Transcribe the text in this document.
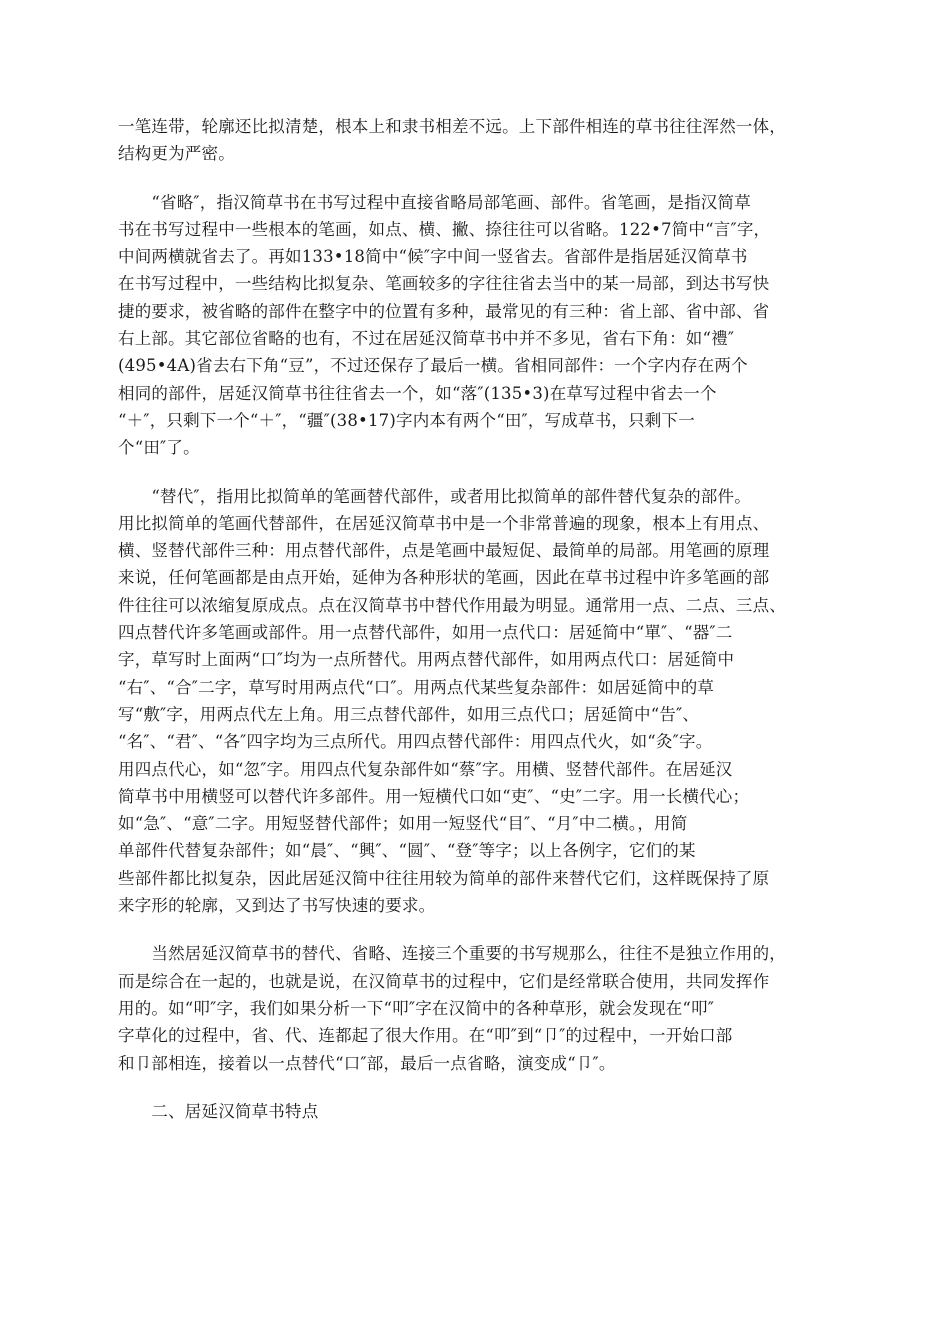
一笔连带，轮廓还比拟清楚，根本上和隶书相差不远。上下部件相连的草书往往浑然一体，
结构更为严密。
　　“省略″，指汉简草书在书写过程中直接省略局部笔画、部件。省笔画，是指汉简草
书在书写过程中一些根本的笔画，如点、横、撇、捺往往可以省略。122•7简中“言″字，
中间两横就省去了。再如133•18简中“候″字中间一竖省去。省部件是指居延汉简草书
在书写过程中，一些结构比拟复杂、笔画较多的字往往省去当中的某一局部，到达书写快
捷的要求，被省略的部件在整字中的位置有多种，最常见的有三种：省上部、省中部、省
右上部。其它部位省略的也有，不过在居延汉简草书中并不多见，省右下角：如“禮″
(495•4A)省去右下角“豆”，不过还保存了最后一横。省相同部件：一个字内存在两个
相同的部件，居延汉简草书往往省去一个，如“落″(135•3)在草写过程中省去一个
“＋″，只剩下一个“＋″，“疆″(38•17)字内本有两个“田″，写成草书，只剩下一
个“田″了。
　　“替代″，指用比拟简单的笔画替代部件，或者用比拟简单的部件替代复杂的部件。
用比拟简单的笔画代替部件，在居延汉简草书中是一个非常普遍的现象，根本上有用点、
横、竖替代部件三种：用点替代部件，点是笔画中最短促、最简单的局部。用笔画的原理
来说，任何笔画都是由点开始，延伸为各种形状的笔画，因此在草书过程中许多笔画的部
件往往可以浓缩复原成点。点在汉简草书中替代作用最为明显。通常用一点、二点、三点、
四点替代许多笔画或部件。用一点替代部件，如用一点代口：居延简中“單″、“器″二
字，草写时上面两“口″均为一点所替代。用两点替代部件，如用两点代口：居延简中
“右″、“合″二字，草写时用两点代“口″。用两点代某些复杂部件：如居延简中的草
写“敷″字，用两点代左上角。用三点替代部件，如用三点代口；居延简中“告″、
“名″、“君″、“各″四字均为三点所代。用四点替代部件：用四点代火，如“灸″字。
用四点代心，如“忽″字。用四点代复杂部件如“蔡″字。用横、竖替代部件。在居延汉
简草书中用横竖可以替代许多部件。用一短横代口如“吏″、“史″二字。用一长横代心；
如“急″、“意″二字。用短竖替代部件；如用一短竖代“目″、“月″中二横。，用简
单部件代替复杂部件；如“晨″、“興″、“圆″、“登″等字；以上各例字，它们的某
些部件都比拟复杂，因此居延汉简中往往用较为简单的部件来替代它们，这样既保持了原
来字形的轮廓，又到达了书写快速的要求。
　　当然居延汉简草书的替代、省略、连接三个重要的书写规那么，往往不是独立作用的，
而是综合在一起的，也就是说，在汉简草书的过程中，它们是经常联合使用，共同发挥作
用的。如“叩″字，我们如果分析一下“叩″字在汉简中的各种草形，就会发现在“叩″
字草化的过程中，省、代、连都起了很大作用。在“叩″到“卩″的过程中，一开始口部
和卩部相连，接着以一点替代“口″部，最后一点省略，演变成“卩″。
　　二、居延汉简草书特点
